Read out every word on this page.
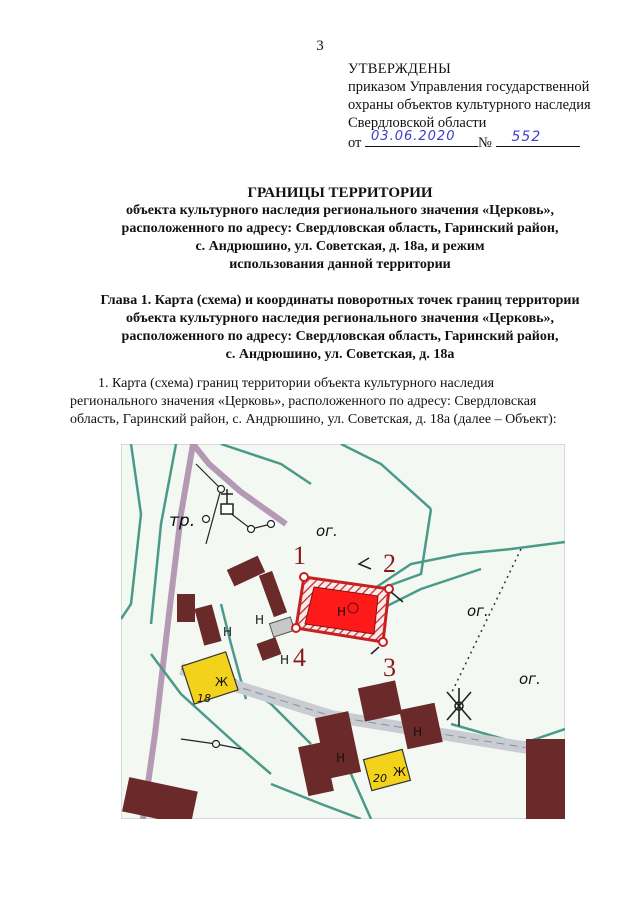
3
УТВЕРЖДЕНЫ
приказом Управления государственной
охраны объектов культурного наследия
Свердловской области
от 03.06.2020 № 552
ГРАНИЦЫ ТЕРРИТОРИИ
объекта культурного наследия регионального значения «Церковь»,
расположенного по адресу: Свердловская область, Гаринский район,
с. Андрюшино, ул. Советская, д. 18а, и режим
использования данной территории
Глава 1. Карта (схема) и координаты поворотных точек границ территории
объекта культурного наследия регионального значения «Церковь»,
расположенного по адресу: Свердловская область, Гаринский район,
с. Андрюшино, ул. Советская, д. 18а
1. Карта (схема) границ территории объекта культурного наследия
регионального значения «Церковь», расположенного по адресу: Свердловская
область, Гаринский район, с. Андрюшино, ул. Советская, д. 18а (далее – Объект):
1	2
3
4
тр.	ог.
ог.
ог.
Н
Н
Н
Н
Н
Н
Ж
18
Ж
20
